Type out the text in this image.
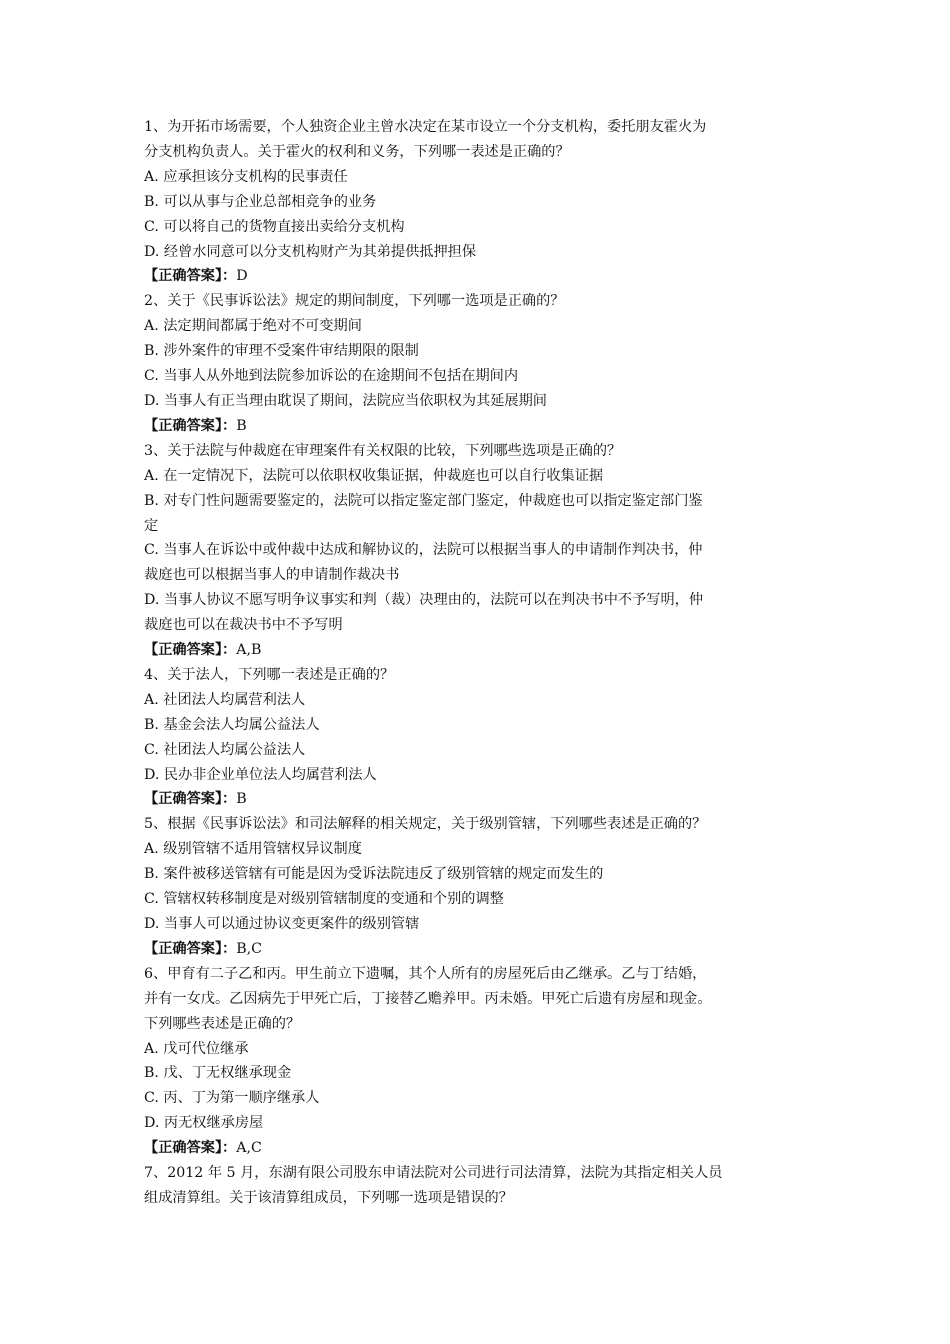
1、为开拓市场需要，个人独资企业主曾水决定在某市设立一个分支机构，委托朋友霍火为
分支机构负责人。关于霍火的权利和义务，下列哪一表述是正确的？
A. 应承担该分支机构的民事责任
B. 可以从事与企业总部相竞争的业务
C. 可以将自己的货物直接出卖给分支机构
D. 经曾水同意可以分支机构财产为其弟提供抵押担保
【正确答案】：D
2、关于《民事诉讼法》规定的期间制度，下列哪一选项是正确的？
A. 法定期间都属于绝对不可变期间
B. 涉外案件的审理不受案件审结期限的限制
C. 当事人从外地到法院参加诉讼的在途期间不包括在期间内
D. 当事人有正当理由耽误了期间，法院应当依职权为其延展期间
【正确答案】：B
3、关于法院与仲裁庭在审理案件有关权限的比较，下列哪些选项是正确的？
A. 在一定情况下，法院可以依职权收集证据，仲裁庭也可以自行收集证据
B. 对专门性问题需要鉴定的，法院可以指定鉴定部门鉴定，仲裁庭也可以指定鉴定部门鉴
定
C. 当事人在诉讼中或仲裁中达成和解协议的，法院可以根据当事人的申请制作判决书，仲
裁庭也可以根据当事人的申请制作裁决书
D. 当事人协议不愿写明争议事实和判（裁）决理由的，法院可以在判决书中不予写明，仲
裁庭也可以在裁决书中不予写明
【正确答案】：A,B
4、关于法人，下列哪一表述是正确的？
A. 社团法人均属营利法人
B. 基金会法人均属公益法人
C. 社团法人均属公益法人
D. 民办非企业单位法人均属营利法人
【正确答案】：B
5、根据《民事诉讼法》和司法解释的相关规定，关于级别管辖，下列哪些表述是正确的？
A. 级别管辖不适用管辖权异议制度
B. 案件被移送管辖有可能是因为受诉法院违反了级别管辖的规定而发生的
C. 管辖权转移制度是对级别管辖制度的变通和个别的调整
D. 当事人可以通过协议变更案件的级别管辖
【正确答案】：B,C
6、甲育有二子乙和丙。甲生前立下遗嘱，其个人所有的房屋死后由乙继承。乙与丁结婚，
并有一女戊。乙因病先于甲死亡后，丁接替乙赡养甲。丙未婚。甲死亡后遗有房屋和现金。
下列哪些表述是正确的？
A. 戊可代位继承
B. 戊、丁无权继承现金
C. 丙、丁为第一顺序继承人
D. 丙无权继承房屋
【正确答案】：A,C
7、2012 年 5 月，东湖有限公司股东申请法院对公司进行司法清算，法院为其指定相关人员
组成清算组。关于该清算组成员，下列哪一选项是错误的？
